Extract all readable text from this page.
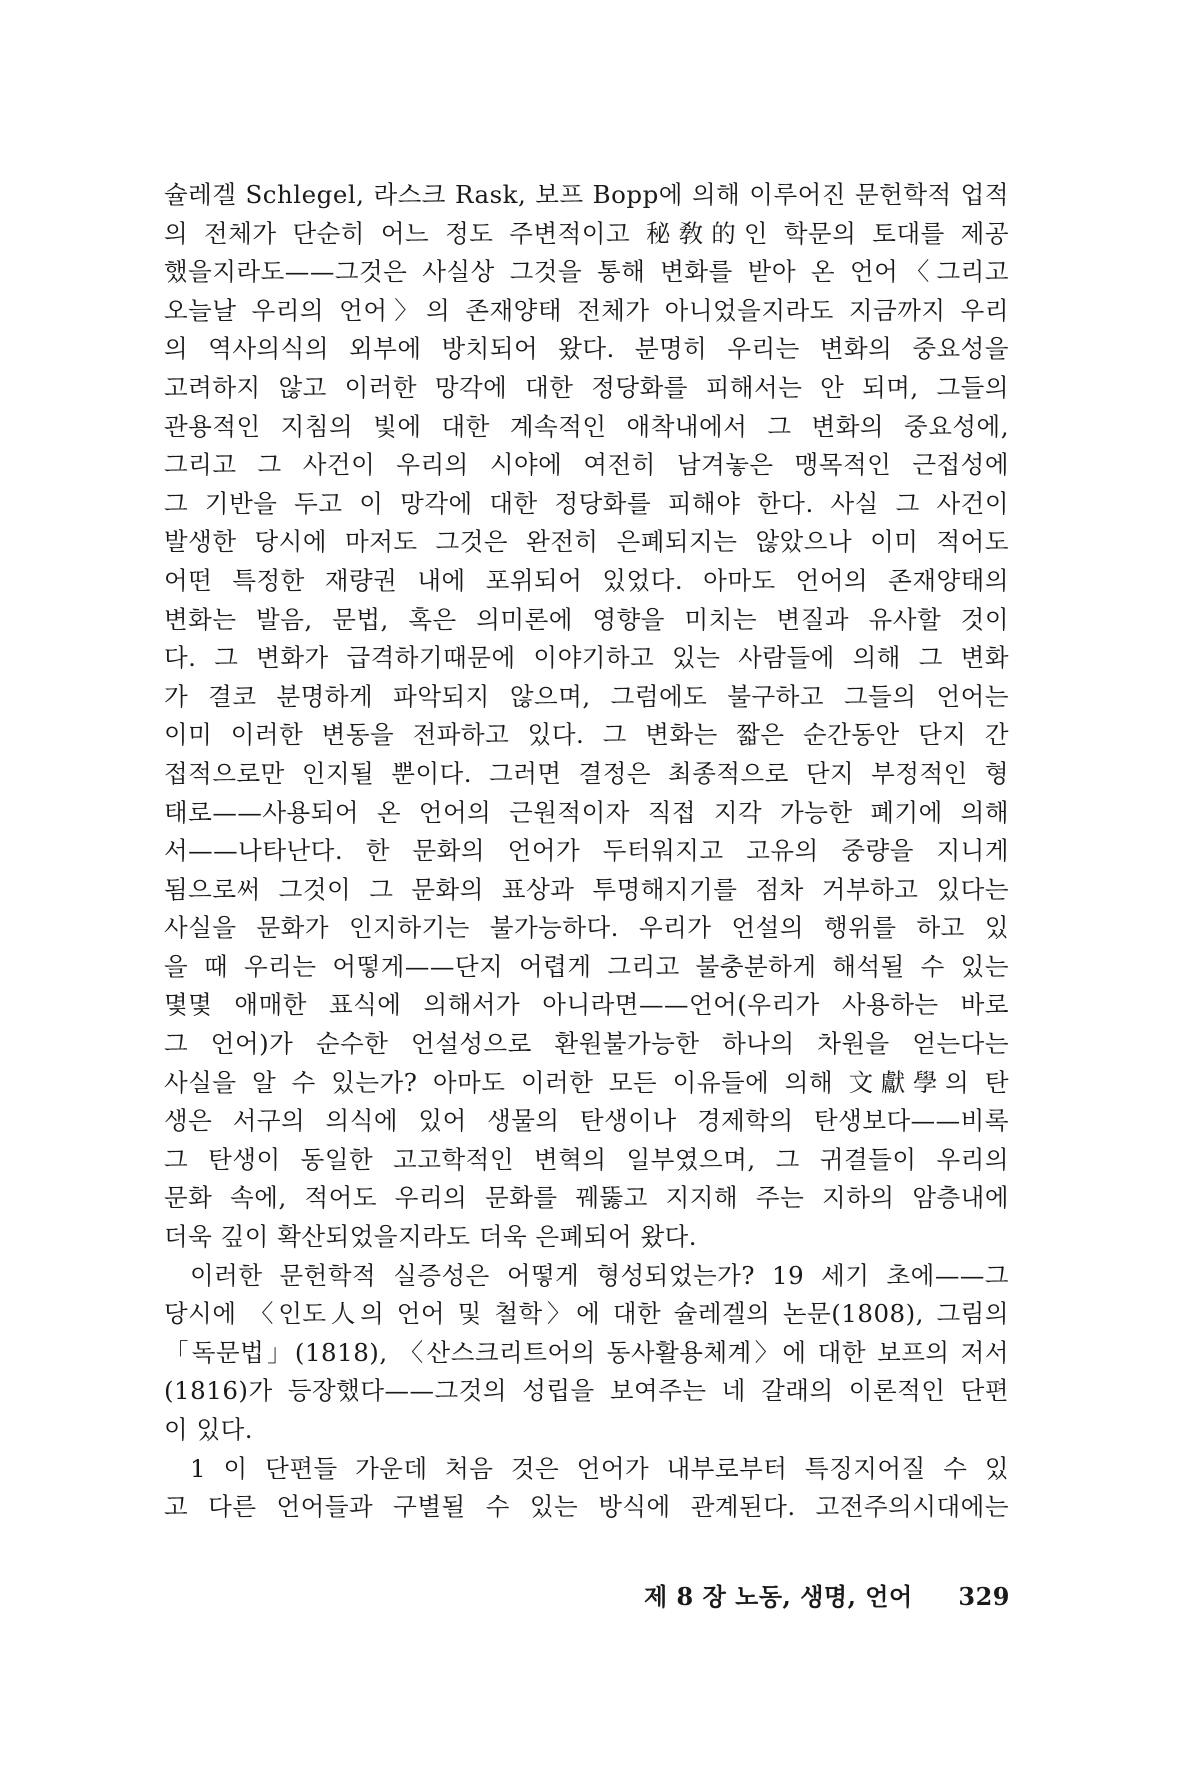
슐레겔 Schlegel, 라스크 Rask, 보프 Bopp에 의해 이루어진 문헌학적 업적
의 전체가 단순히 어느 정도 주변적이고 秘敎的인 학문의 토대를 제공
했을지라도——그것은 사실상 그것을 통해 변화를 받아 온 언어〈그리고
오늘날 우리의 언어〉의 존재양태 전체가 아니었을지라도 지금까지 우리
의 역사의식의 외부에 방치되어 왔다. 분명히 우리는 변화의 중요성을
고려하지 않고 이러한 망각에 대한 정당화를 피해서는 안 되며, 그들의
관용적인 지침의 빛에 대한 계속적인 애착내에서 그 변화의 중요성에,
그리고 그 사건이 우리의 시야에 여전히 남겨놓은 맹목적인 근접성에
그 기반을 두고 이 망각에 대한 정당화를 피해야 한다. 사실 그 사건이
발생한 당시에 마저도 그것은 완전히 은폐되지는 않았으나 이미 적어도
어떤 특정한 재량권 내에 포위되어 있었다. 아마도 언어의 존재양태의
변화는 발음, 문법, 혹은 의미론에 영향을 미치는 변질과 유사할 것이
다. 그 변화가 급격하기때문에 이야기하고 있는 사람들에 의해 그 변화
가 결코 분명하게 파악되지 않으며, 그럼에도 불구하고 그들의 언어는
이미 이러한 변동을 전파하고 있다. 그 변화는 짧은 순간동안 단지 간
접적으로만 인지될 뿐이다. 그러면 결정은 최종적으로 단지 부정적인 형
태로——사용되어 온 언어의 근원적이자 직접 지각 가능한 폐기에 의해
서——나타난다. 한 문화의 언어가 두터워지고 고유의 중량을 지니게
됨으로써 그것이 그 문화의 표상과 투명해지기를 점차 거부하고 있다는
사실을 문화가 인지하기는 불가능하다. 우리가 언설의 행위를 하고 있
을 때 우리는 어떻게——단지 어렵게 그리고 불충분하게 해석될 수 있는
몇몇 애매한 표식에 의해서가 아니라면——언어(우리가 사용하는 바로
그 언어)가 순수한 언설성으로 환원불가능한 하나의 차원을 얻는다는
사실을 알 수 있는가? 아마도 이러한 모든 이유들에 의해 文獻學의 탄
생은 서구의 의식에 있어 생물의 탄생이나 경제학의 탄생보다——비록
그 탄생이 동일한 고고학적인 변혁의 일부였으며, 그 귀결들이 우리의
문화 속에, 적어도 우리의 문화를 꿰뚫고 지지해 주는 지하의 암층내에
더욱 깊이 확산되었을지라도 더욱 은폐되어 왔다.
이러한 문헌학적 실증성은 어떻게 형성되었는가? 19 세기 초에——그
당시에 〈인도人의 언어 및 철학〉에 대한 슐레겔의 논문(1808), 그림의
「독문법」(1818), 〈산스크리트어의 동사활용체계〉에 대한 보프의 저서
(1816)가 등장했다——그것의 성립을 보여주는 네 갈래의 이론적인 단편
이 있다.
1 이 단편들 가운데 처음 것은 언어가 내부로부터 특징지어질 수 있
고 다른 언어들과 구별될 수 있는 방식에 관계된다. 고전주의시대에는
제 8 장 노동, 생명, 언어 329
